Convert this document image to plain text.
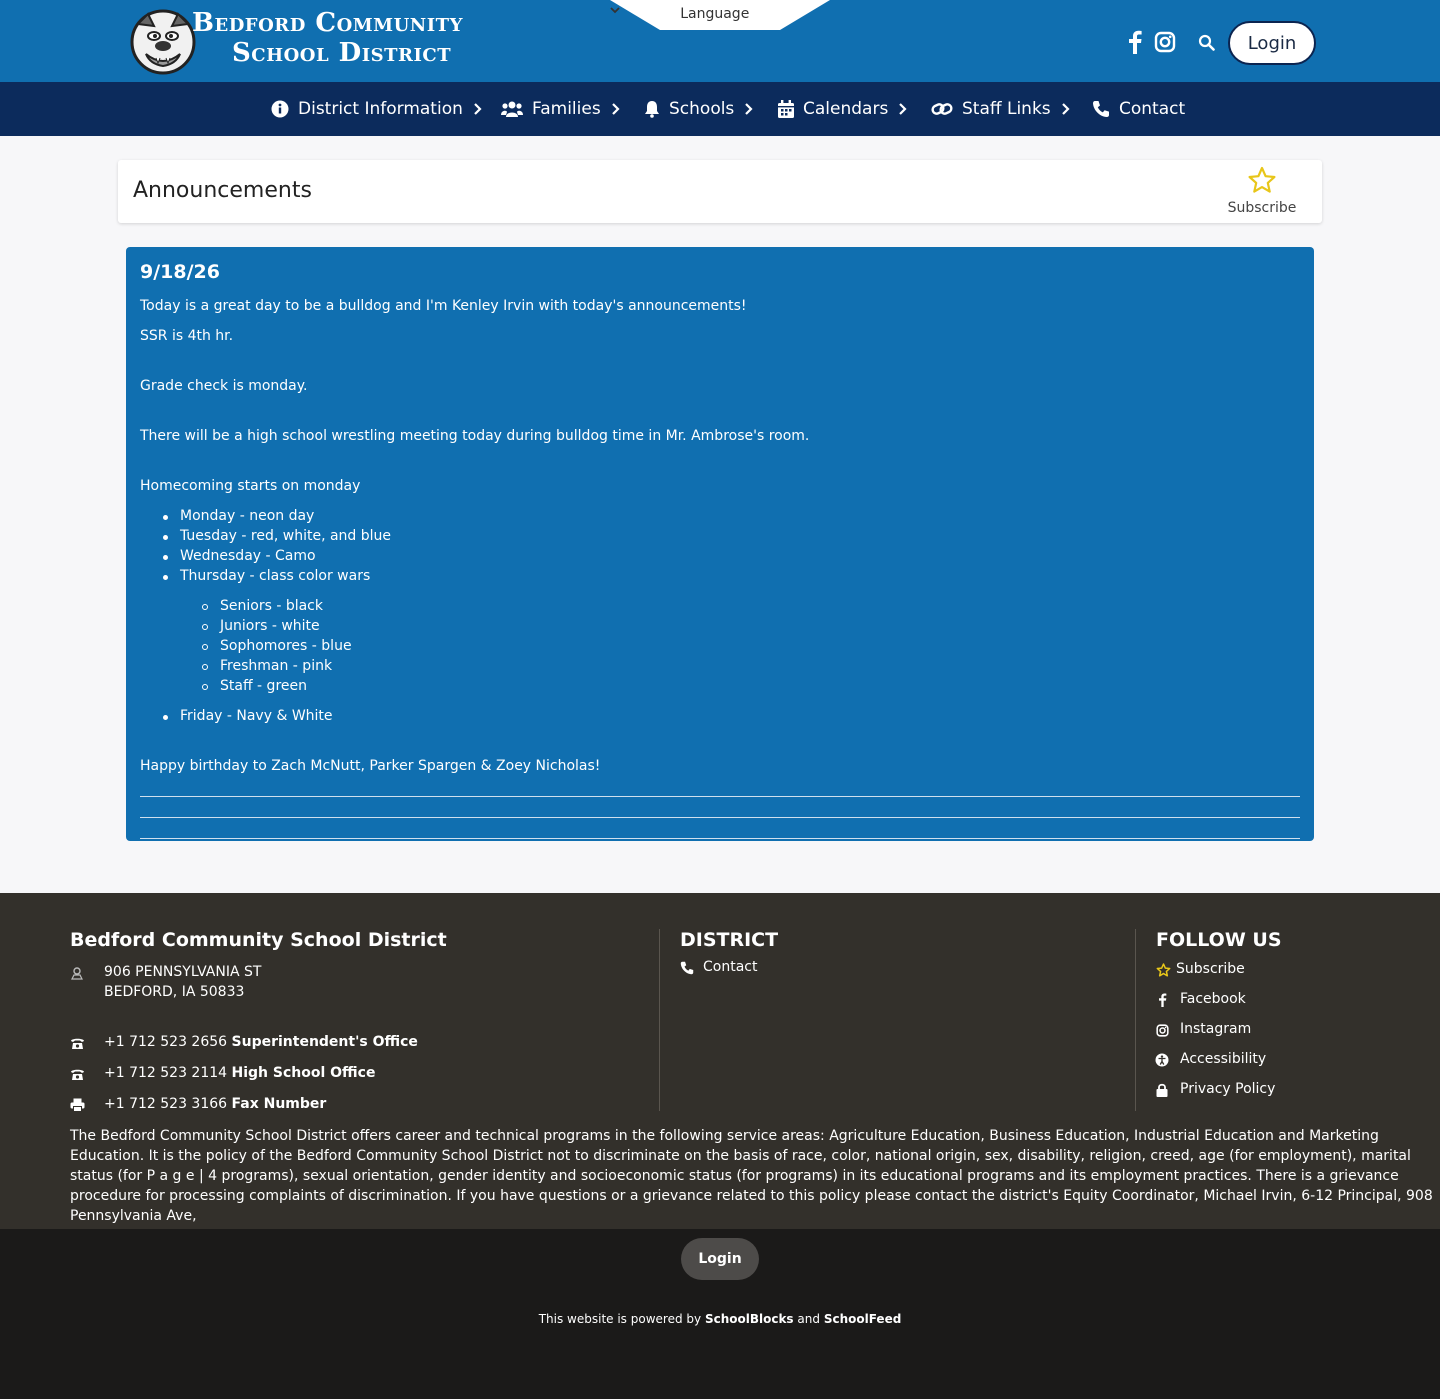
Bedford Community
School District
Language
Login
District Information	Families	Schools	Calendars	Staff Links	Contact
Announcements
Subscribe
9/18/26

Today is a great day to be a bulldog and I'm Kenley Irvin with today's announcements!

SSR is 4th hr.

Grade check is monday.

There will be a high school wrestling meeting today during bulldog time in Mr. Ambrose's room.

Homecoming starts on monday

Monday - neon day
Tuesday - red, white, and blue
Wednesday - Camo
Thursday - class color wars
Seniors - black
Juniors - white
Sophomores - blue
Freshman - pink
Staff - green
Friday - Navy & White

Happy birthday to Zach McNutt, Parker Spargen & Zoey Nicholas!

Bedford Community School District
906 PENNSYLVANIA ST
BEDFORD, IA 50833
+1 712 523 2656 Superintendent's Office
+1 712 523 2114 High School Office
+1 712 523 3166 Fax Number
DISTRICT
Contact
FOLLOW US
Subscribe
Facebook
Instagram
Accessibility
Privacy Policy
The Bedford Community School District offers career and technical programs in the following service areas: Agriculture Education, Business Education, Industrial Education and Marketing Education. It is the policy of the Bedford Community School District not to discriminate on the basis of race, color, national origin, sex, disability, religion, creed, age (for employment), marital status (for P a g e | 4 programs), sexual orientation, gender identity and socioeconomic status (for programs) in its educational programs and its employment practices. There is a grievance procedure for processing complaints of discrimination. If you have questions or a grievance related to this policy please contact the district's Equity Coordinator, Michael Irvin, 6-12 Principal, 908 Pennsylvania Ave,
Login
This website is powered by SchoolBlocks and SchoolFeed
